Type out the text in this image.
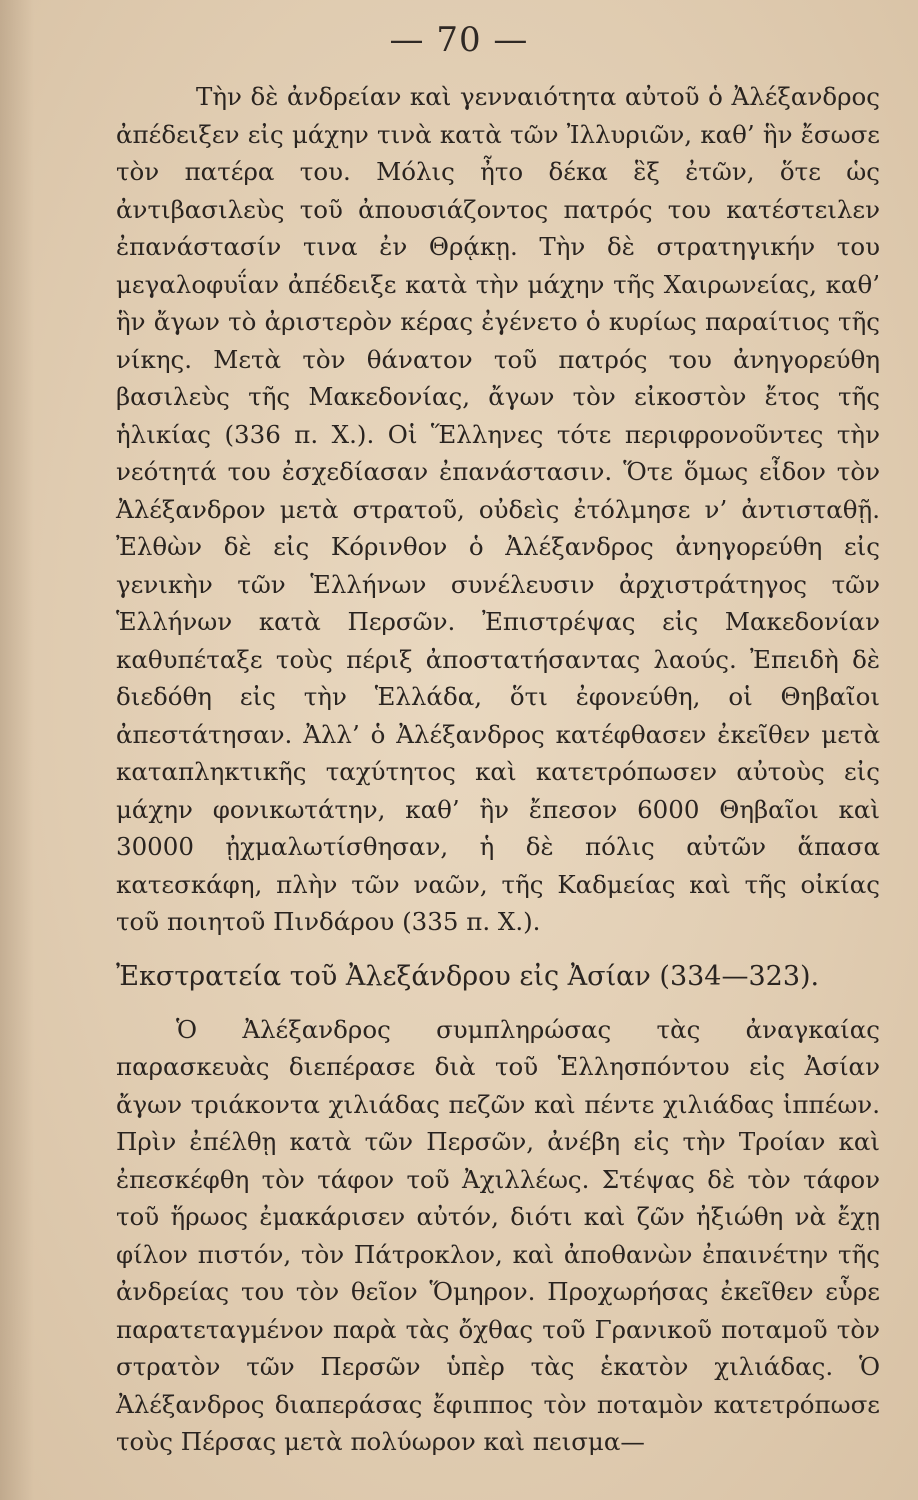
— 70 —

Τὴν δὲ ἀνδρείαν καὶ γενναιότητα αὐτοῦ ὁ Ἀλέξανδρος ἀπέδειξεν εἰς μάχην τινὰ κατὰ τῶν Ἰλλυριῶν, καθ’ ἣν ἔσωσε τὸν πατέρα του. Μόλις ἦτο δέκα ἓξ ἐτῶν, ὅτε ὡς ἀντιβασιλεὺς τοῦ ἀπουσιάζοντος πατρός του κατέστειλεν ἐπανάστασίν τινα ἐν Θρᾴκῃ. Τὴν δὲ στρατηγικήν του μεγαλοφυΐαν ἀπέδειξε κατὰ τὴν μάχην τῆς Χαιρωνείας, καθ’ ἣν ἄγων τὸ ἀριστερὸν κέρας ἐγένετο ὁ κυρίως παραίτιος τῆς νίκης. Μετὰ τὸν θάνατον τοῦ πατρός του ἀνηγορεύθη βασιλεὺς τῆς Μακεδονίας, ἄγων τὸν εἰκοστὸν ἔτος τῆς ἡλικίας (336 π. Χ.). Οἱ Ἕλληνες τότε περιφρονοῦντες τὴν νεότητά του ἐσχεδίασαν ἐπανάστασιν. Ὅτε ὅμως εἶδον τὸν Ἀλέξανδρον μετὰ στρατοῦ, οὐδεὶς ἐτόλμησε ν’ ἀντισταθῇ. Ἐλθὼν δὲ εἰς Κόρινθον ὁ Ἀλέξανδρος ἀνηγορεύθη εἰς γενικὴν τῶν Ἑλλήνων συνέλευσιν ἀρχιστράτηγος τῶν Ἑλλήνων κατὰ Περσῶν. Ἐπιστρέψας εἰς Μακεδονίαν καθυπέταξε τοὺς πέριξ ἀποστατήσαντας λαούς. Ἐπειδὴ δὲ διεδόθη εἰς τὴν Ἑλλάδα, ὅτι ἐφονεύθη, οἱ Θηβαῖοι ἀπεστάτησαν. Ἀλλ’ ὁ Ἀλέξανδρος κατέφθασεν ἐκεῖθεν μετὰ καταπληκτικῆς ταχύτητος καὶ κατετρόπωσεν αὐτοὺς εἰς μάχην φονικωτάτην, καθ’ ἣν ἔπεσον 6000 Θηβαῖοι καὶ 30000 ᾐχμαλωτίσθησαν, ἡ δὲ πόλις αὐτῶν ἅπασα κατεσκάφη, πλὴν τῶν ναῶν, τῆς Καδμείας καὶ τῆς οἰκίας τοῦ ποιητοῦ Πινδάρου (335 π. Χ.).

Ἐκστρατεία τοῦ Ἀλεξάνδρου εἰς Ἀσίαν (334—323).

Ὁ Ἀλέξανδρος συμπληρώσας τὰς ἀναγκαίας παρασκευὰς διεπέρασε διὰ τοῦ Ἑλλησπόντου εἰς Ἀσίαν ἄγων τριάκοντα χιλιάδας πεζῶν καὶ πέντε χιλιάδας ἱππέων. Πρὶν ἐπέλθῃ κατὰ τῶν Περσῶν, ἀνέβη εἰς τὴν Τροίαν καὶ ἐπεσκέφθη τὸν τάφον τοῦ Ἀχιλλέως. Στέψας δὲ τὸν τάφον τοῦ ἥρωος ἐμακάρισεν αὐτόν, διότι καὶ ζῶν ἠξιώθη νὰ ἔχῃ φίλον πιστόν, τὸν Πάτροκλον, καὶ ἀποθανὼν ἐπαινέτην τῆς ἀνδρείας του τὸν θεῖον Ὅμηρον. Προχωρήσας ἐκεῖθεν εὗρε παρατεταγμένον παρὰ τὰς ὄχθας τοῦ Γρανικοῦ ποταμοῦ τὸν στρατὸν τῶν Περσῶν ὑπὲρ τὰς ἑκατὸν χιλιάδας. Ὁ Ἀλέξανδρος διαπεράσας ἔφιππος τὸν ποταμὸν κατετρόπωσε τοὺς Πέρσας μετὰ πολύωρον καὶ πεισμα—
